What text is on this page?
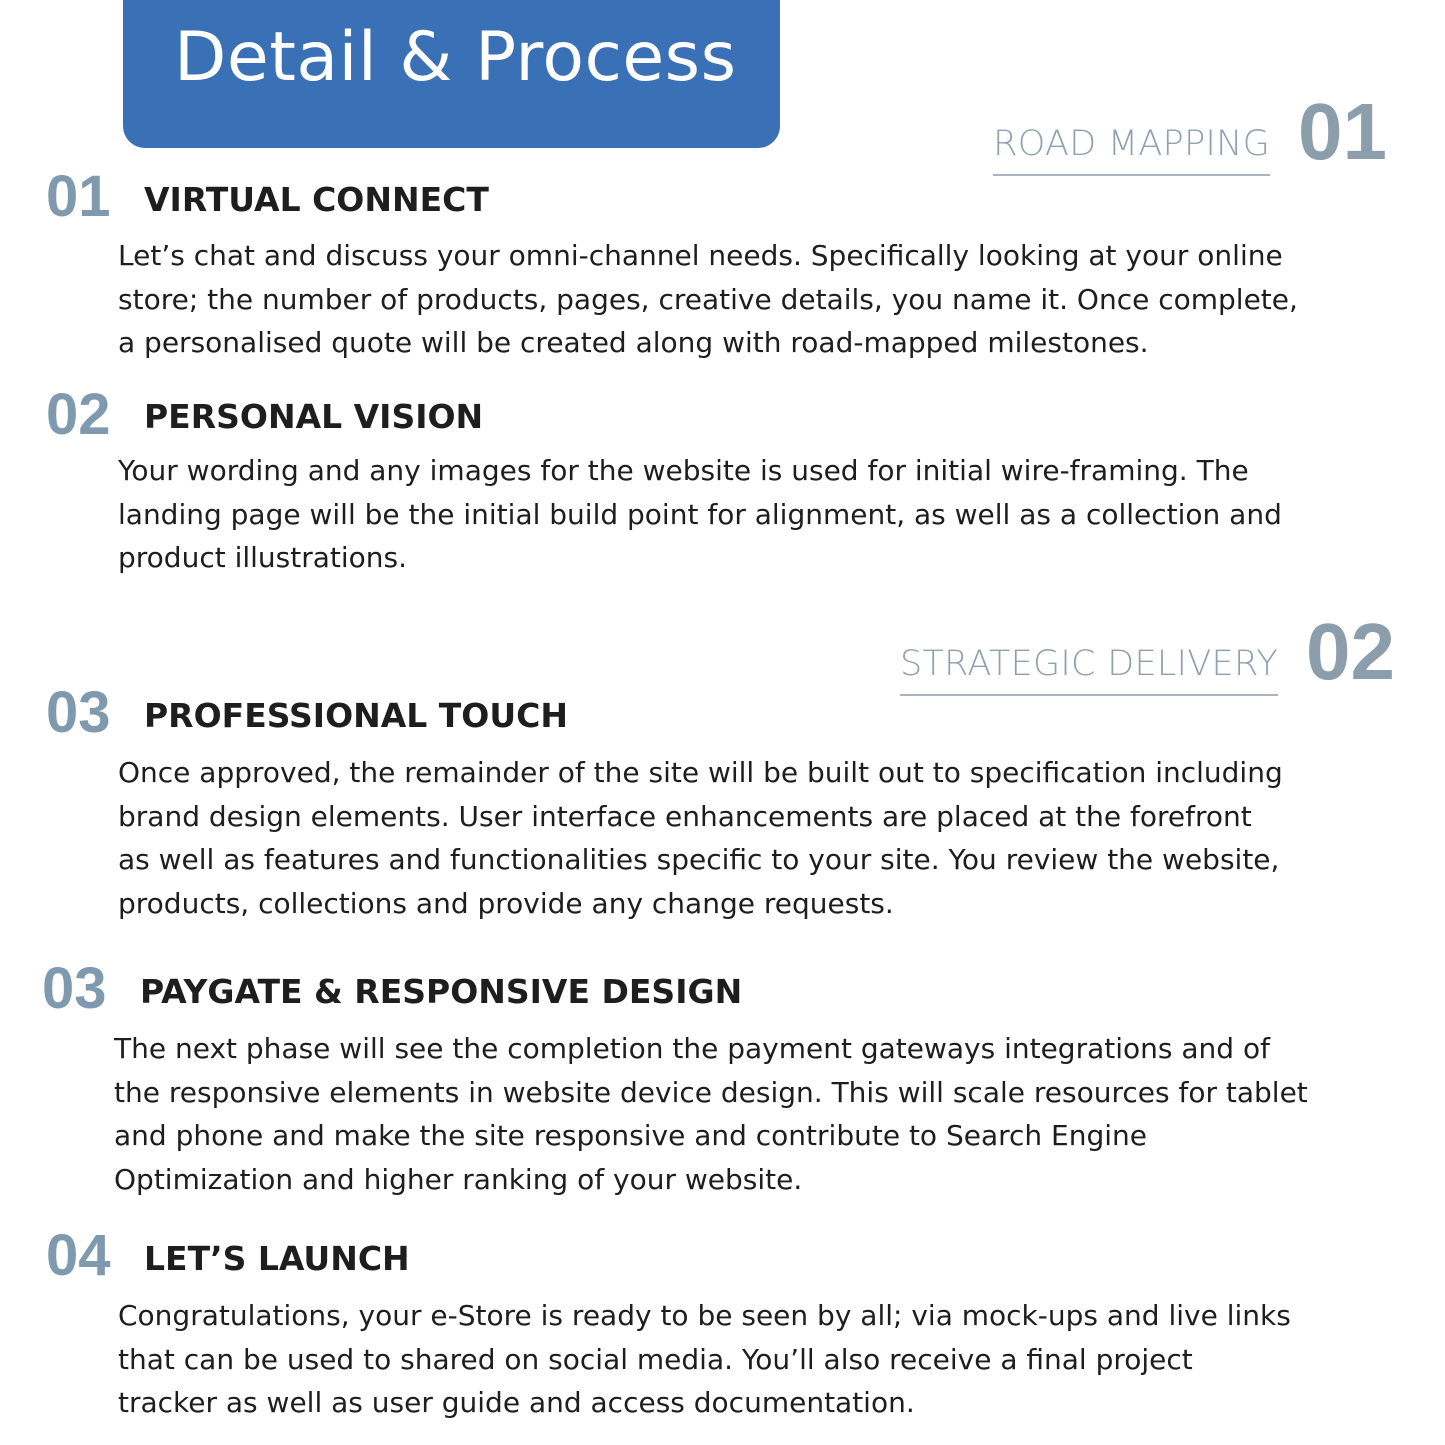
Detail & Process
ROAD MAPPING 01
STRATEGIC DELIVERY 02
01 VIRTUAL CONNECT
Let’s chat and discuss your omni-channel needs. Specifically looking at your online
store; the number of products, pages, creative details, you name it. Once complete,
a personalised quote will be created along with road-mapped milestones.
02 PERSONAL VISION
Your wording and any images for the website is used for initial wire-framing. The
landing page will be the initial build point for alignment, as well as a collection and
product illustrations.
03 PROFESSIONAL TOUCH
Once approved, the remainder of the site will be built out to specification including
brand design elements. User interface enhancements are placed at the forefront
as well as features and functionalities specific to your site. You review the website,
products, collections and provide any change requests.
03 PAYGATE & RESPONSIVE DESIGN
The next phase will see the completion the payment gateways integrations and of
the responsive elements in website device design. This will scale resources for tablet
and phone and make the site responsive and contribute to Search Engine
Optimization and higher ranking of your website.
04 LET’S LAUNCH
Congratulations, your e-Store is ready to be seen by all; via mock-ups and live links
that can be used to shared on social media. You’ll also receive a final project
tracker as well as user guide and access documentation.
